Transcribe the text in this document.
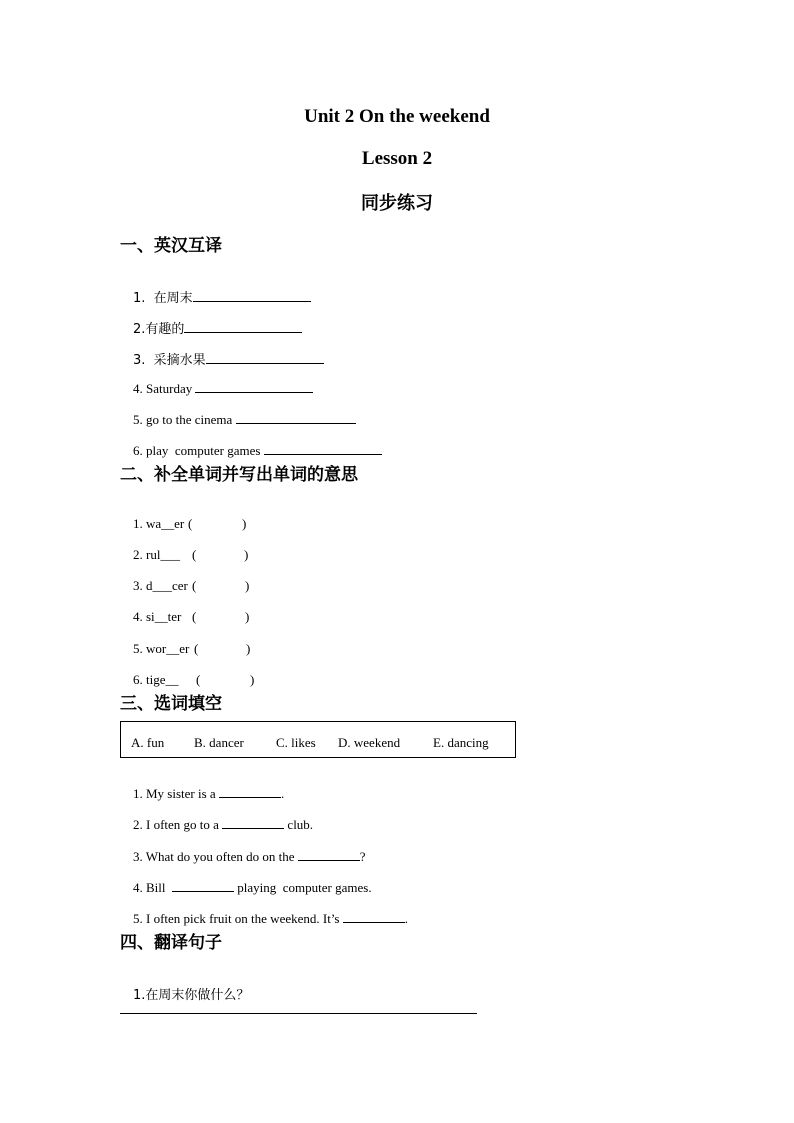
Unit 2 On the weekend
Lesson 2
同步练习
一、英汉互译

1.  在周末

2.有趣的

3.  采摘水果

4. Saturday

5. go to the cinema

6. play  computer games

二、补全单词并写出单词的意思

1. wa__er (	)

2. rul___ (	)

3. d___cer (	)

4. si__ter (	)

5. wor__er (	)

6. tige__ (	)

三、选词填空
A. fun B. dancer C. likes D. weekend	E. dancing

1. My sister is a	.

2. I often go to a	club.

3. What do you often do on the	?

4. Bill	playing  computer games.

5. I often pick fruit on the weekend. It’s	.

四、翻译句子

1.在周末你做什么？
